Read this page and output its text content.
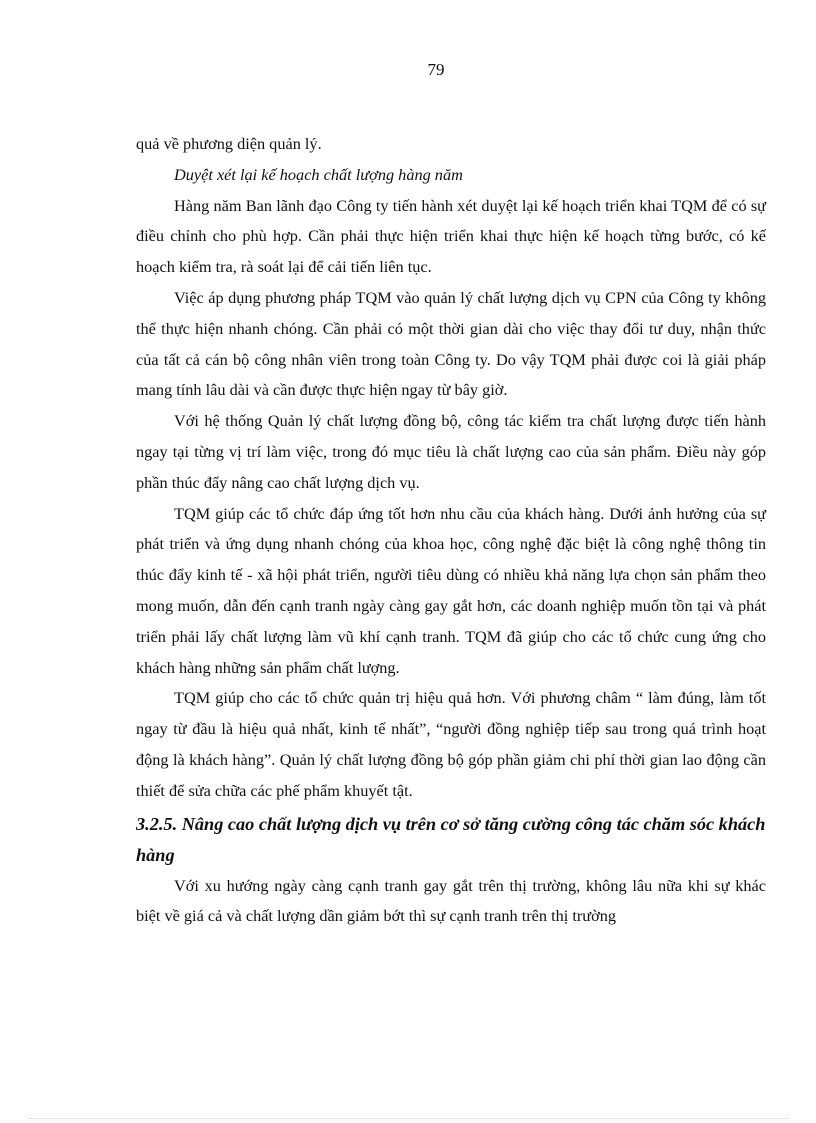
79

quả về phương diện quản lý.

Duyệt xét lại kế hoạch chất lượng hàng năm

Hàng năm Ban lãnh đạo Công ty tiến hành xét duyệt lại kế hoạch triển khai TQM để có sự điều chỉnh cho phù hợp. Cần phải thực hiện triển khai thực hiện kế hoạch từng bước, có kế hoạch kiểm tra, rà soát lại để cải tiến liên tục.

Việc áp dụng phương pháp TQM vào quản lý chất lượng dịch vụ CPN của Công ty không thể thực hiện nhanh chóng. Cần phải có một thời gian dài cho việc thay đổi tư duy, nhận thức của tất cả cán bộ công nhân viên trong toàn Công ty. Do vậy TQM phải được coi là giải pháp mang tính lâu dài và cần được thực hiện ngay từ bây giờ.

Với hệ thống Quản lý chất lượng đồng bộ, công tác kiểm tra chất lượng được tiến hành ngay tại từng vị trí làm việc, trong đó mục tiêu là chất lượng cao của sản phẩm. Điều này góp phần thúc đẩy nâng cao chất lượng dịch vụ.

TQM giúp các tổ chức đáp ứng tốt hơn nhu cầu của khách hàng. Dưới ảnh hưởng của sự phát triển và ứng dụng nhanh chóng của khoa học, công nghệ đặc biệt là công nghệ thông tin thúc đẩy kinh tế - xã hội phát triển, người tiêu dùng có nhiều khả năng lựa chọn sản phẩm theo mong muốn, dẫn đến cạnh tranh ngày càng gay gắt hơn, các doanh nghiệp muốn tồn tại và phát triển phải lấy chất lượng làm vũ khí cạnh tranh. TQM đã giúp cho các tổ chức cung ứng cho khách hàng những sản phẩm chất lượng.

TQM giúp cho các tổ chức quản trị hiệu quả hơn. Với phương châm “ làm đúng, làm tốt ngay từ đầu là hiệu quả nhất, kinh tế nhất”, “người đồng nghiệp tiếp sau trong quá trình hoạt động là khách hàng”. Quản lý chất lượng đồng bộ góp phần giảm chi phí thời gian lao động cần thiết để sửa chữa các phế phẩm khuyết tật.

3.2.5. Nâng cao chất lượng dịch vụ trên cơ sở tăng cường công tác chăm sóc khách hàng

Với xu hướng ngày càng cạnh tranh gay gắt trên thị trường, không lâu nữa khi sự khác biệt về giá cả và chất lượng dần giảm bớt thì sự cạnh tranh trên thị trường
